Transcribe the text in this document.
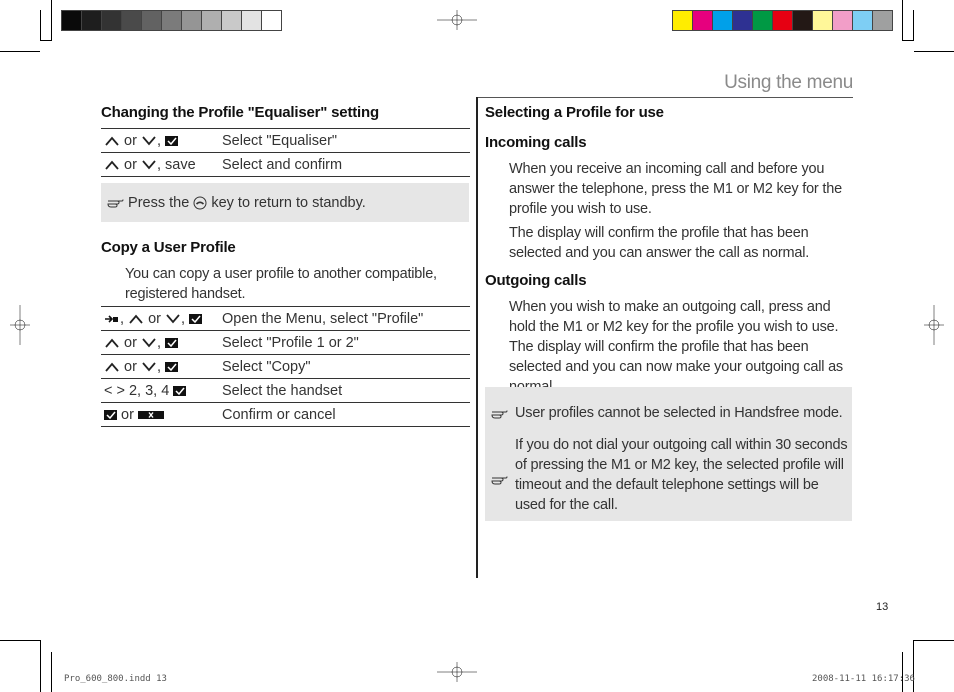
Using the menu
Changing the Profile "Equaliser" setting
or ,	Select "Equaliser"
or , save	Select and confirm
Press the key to return to standby.
Copy a User Profile
You can copy a user profile to another compatible, registered handset.
, or ,	Open the Menu, select "Profile"
or ,	Select "Profile 1 or 2"
or ,	Select "Copy"
< > 2, 3, 4	Select the handset
or	Confirm or cancel
Selecting a Profile for use
Incoming calls
When you receive an incoming call and before you answer the telephone, press the M1 or M2 key for the profile you wish to use.
The display will confirm the profile that has been selected and you can answer the call as normal.
Outgoing calls
When you wish to make an outgoing call, press and hold the M1 or M2 key for the profile you wish to use. The display will confirm the profile that has been selected and you can now make your outgoing call as
User profiles cannot be selected in Handsfree mode.
If you do not dial your outgoing call within 30 seconds of pressing the M1 or M2 key, the selected profile will timeout and the default telephone settings will be used for the call.
13
Pro_600_800.indd 13	2008-11-11 16:17:36
